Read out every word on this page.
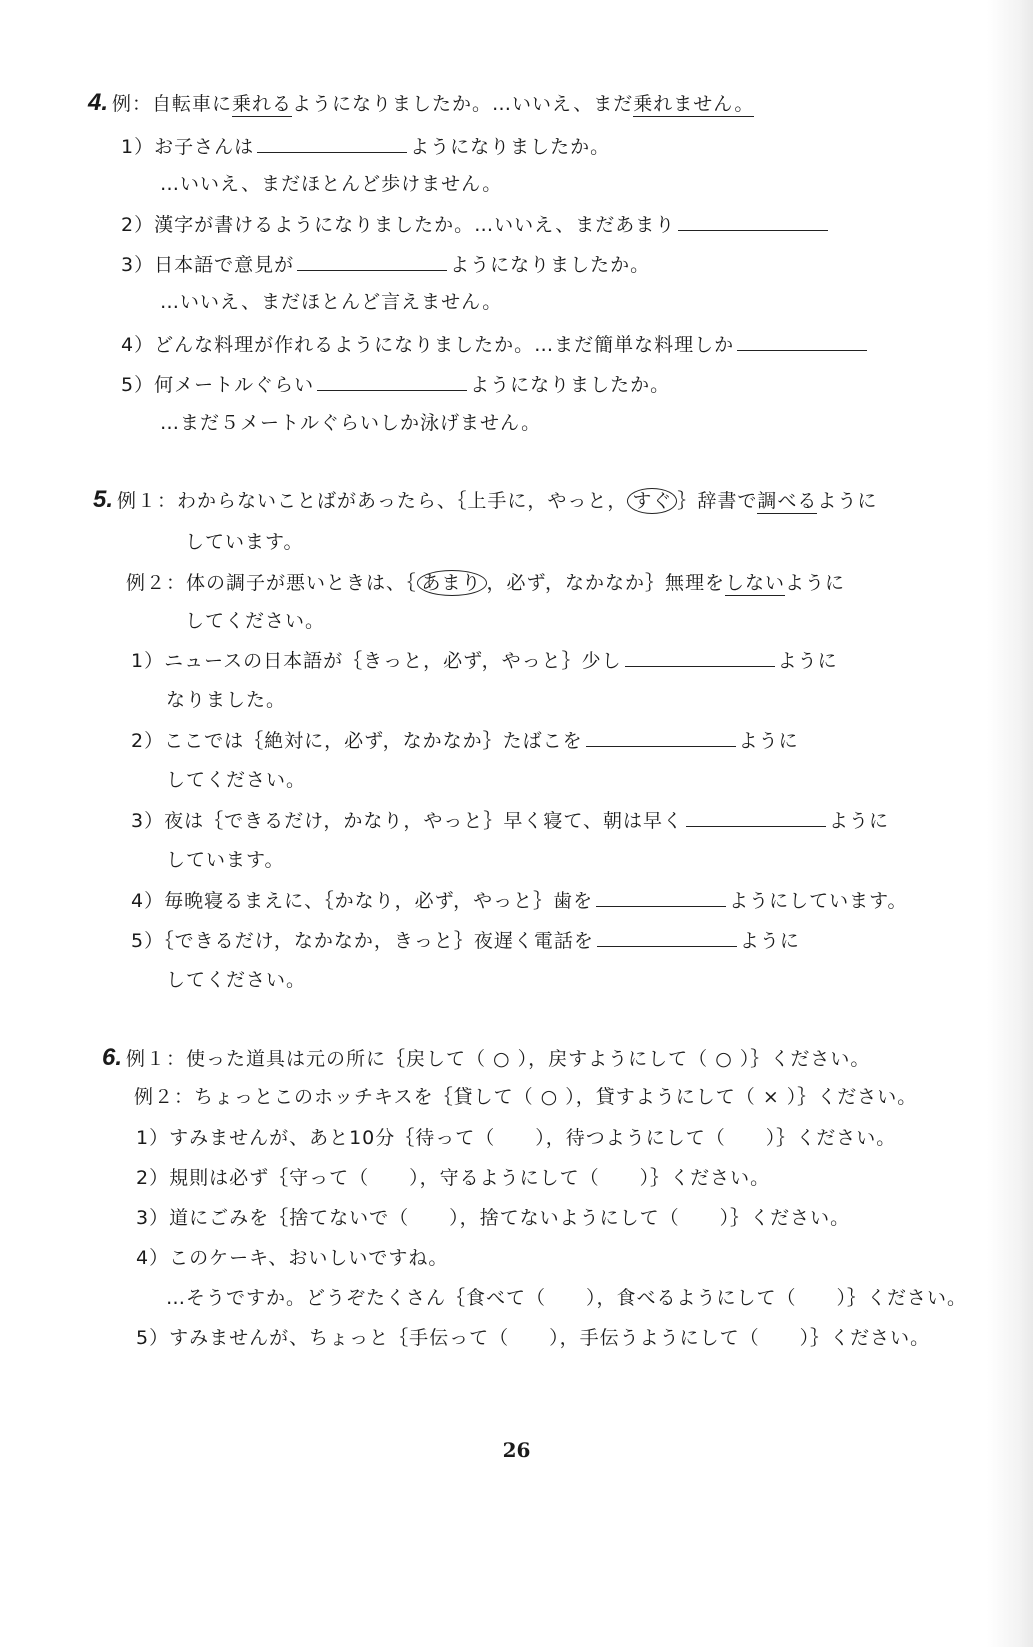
4. 例：自転車に乗れるようになりましたか。…いいえ、まだ乗れません。
1）お子さんは	ようになりましたか。
…いいえ、まだほとんど歩けません。
2）漢字が書けるようになりましたか。…いいえ、まだあまり
3）日本語で意見が	ようになりましたか。
…いいえ、まだほとんど言えません。
4）どんな料理が作れるようになりましたか。…まだ簡単な料理しか
5）何メートルぐらい	ようになりましたか。
…まだ５メートルぐらいしか泳げません。
5. 例１：わからないことばがあったら、｛上手に，やっと， すぐ ｝辞書で調べるように
しています。
例２：体の調子が悪いときは、｛ あまり ，必ず，なかなか｝無理をしないように
してください。
1）ニュースの日本語が｛きっと，必ず，やっと｝少し	ように
なりました。
2）ここでは｛絶対に，必ず，なかなか｝たばこを	ように
してください。
3）夜は｛できるだけ，かなり，やっと｝早く寝て、朝は早く	ように
しています。
4）毎晩寝るまえに、｛かなり，必ず，やっと｝歯を	ようにしています。
5）｛できるだけ，なかなか，きっと｝夜遅く電話を	ように
してください。
6. 例１：使った道具は元の所に｛戻して（ ○ ），戻すようにして（ ○ ）｝ください。
例２：ちょっとこのホッチキスを｛貸して（ ○ ），貸すようにして（ × ）｝ください。
1）すみませんが、あと10分｛待って（　　），待つようにして（　　）｝ください。
2）規則は必ず｛守って（　　），守るようにして（　　）｝ください。
3）道にごみを｛捨てないで（　　），捨てないようにして（　　）｝ください。
4）このケーキ、おいしいですね。
…そうですか。どうぞたくさん｛食べて（　　），食べるようにして（　　）｝ください。
5）すみませんが、ちょっと｛手伝って（　　），手伝うようにして（　　）｝ください。
26
